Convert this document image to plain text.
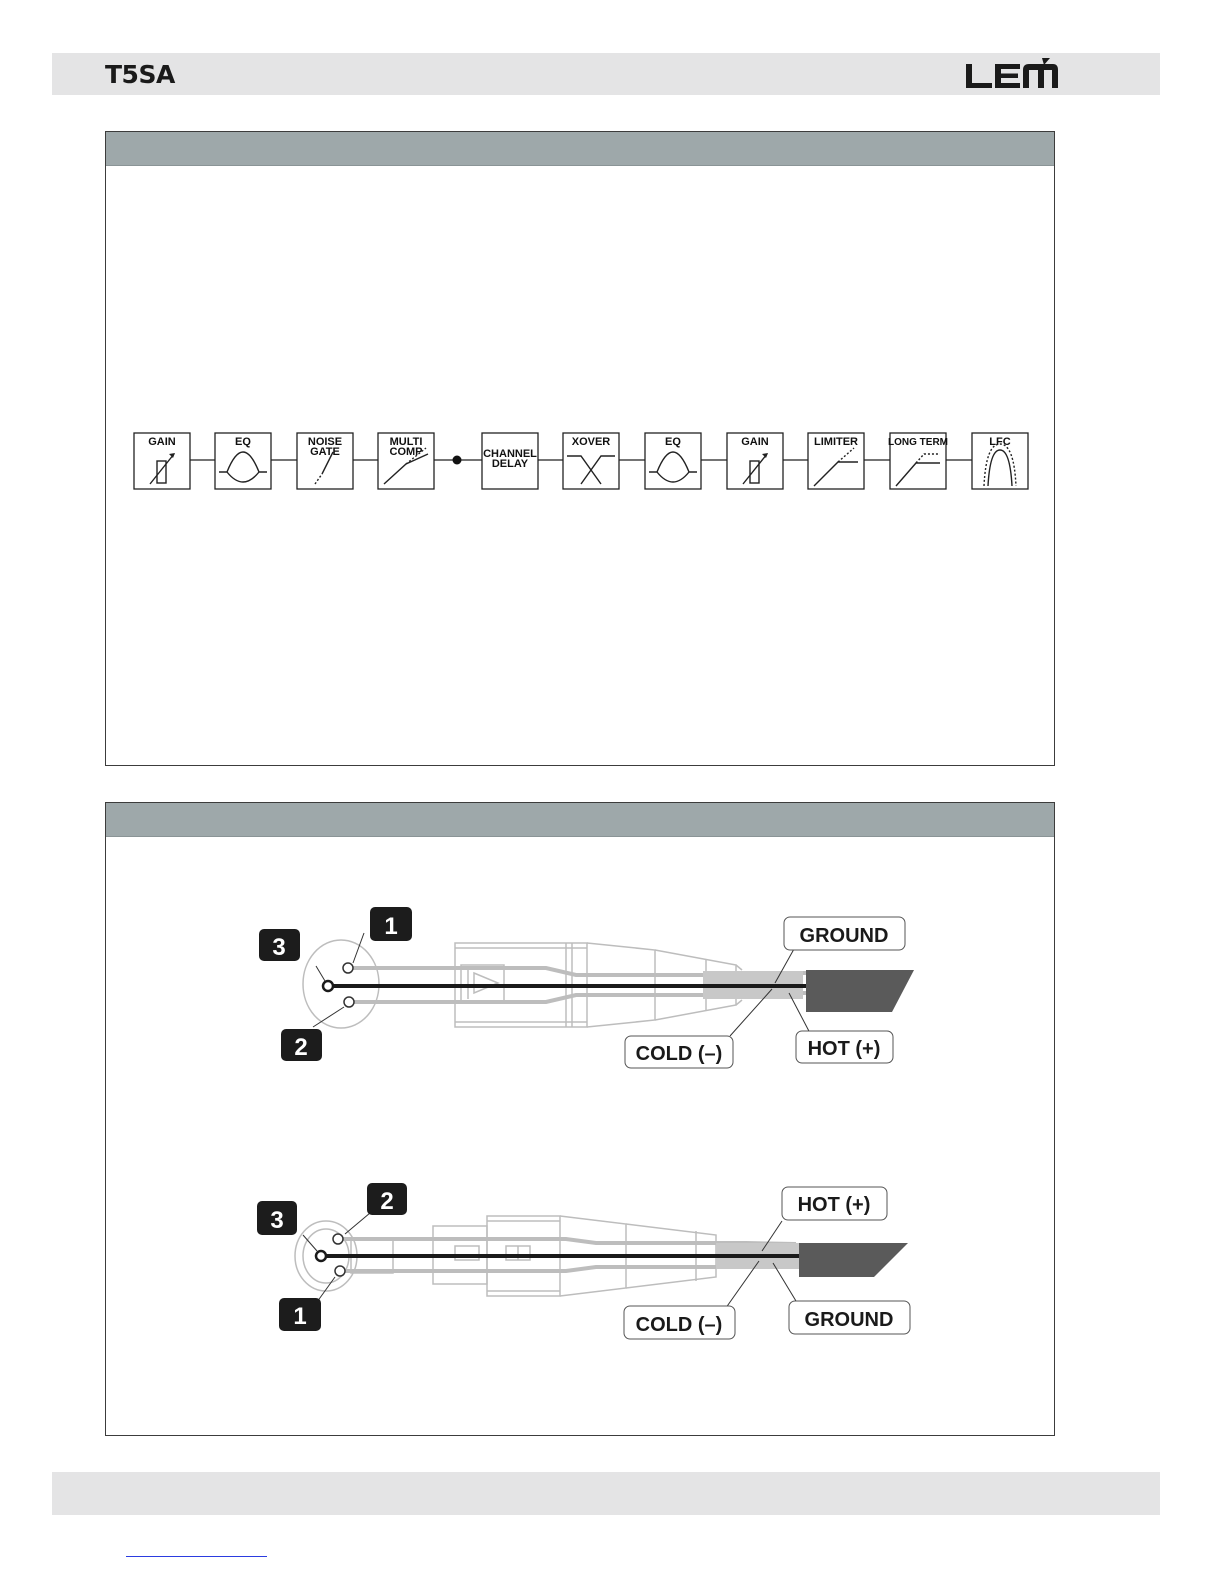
T5SA
GAIN	EQ	NOISE
GATE
MULTI
COMP	CHANNEL
DELAY
XOVER	EQ	GAIN	LIMITER	LONG TERM	LFC
1
3
2
GROUND
COLD (–)	HOT (+)
2
3
1
HOT (+)
COLD (–)	GROUND
